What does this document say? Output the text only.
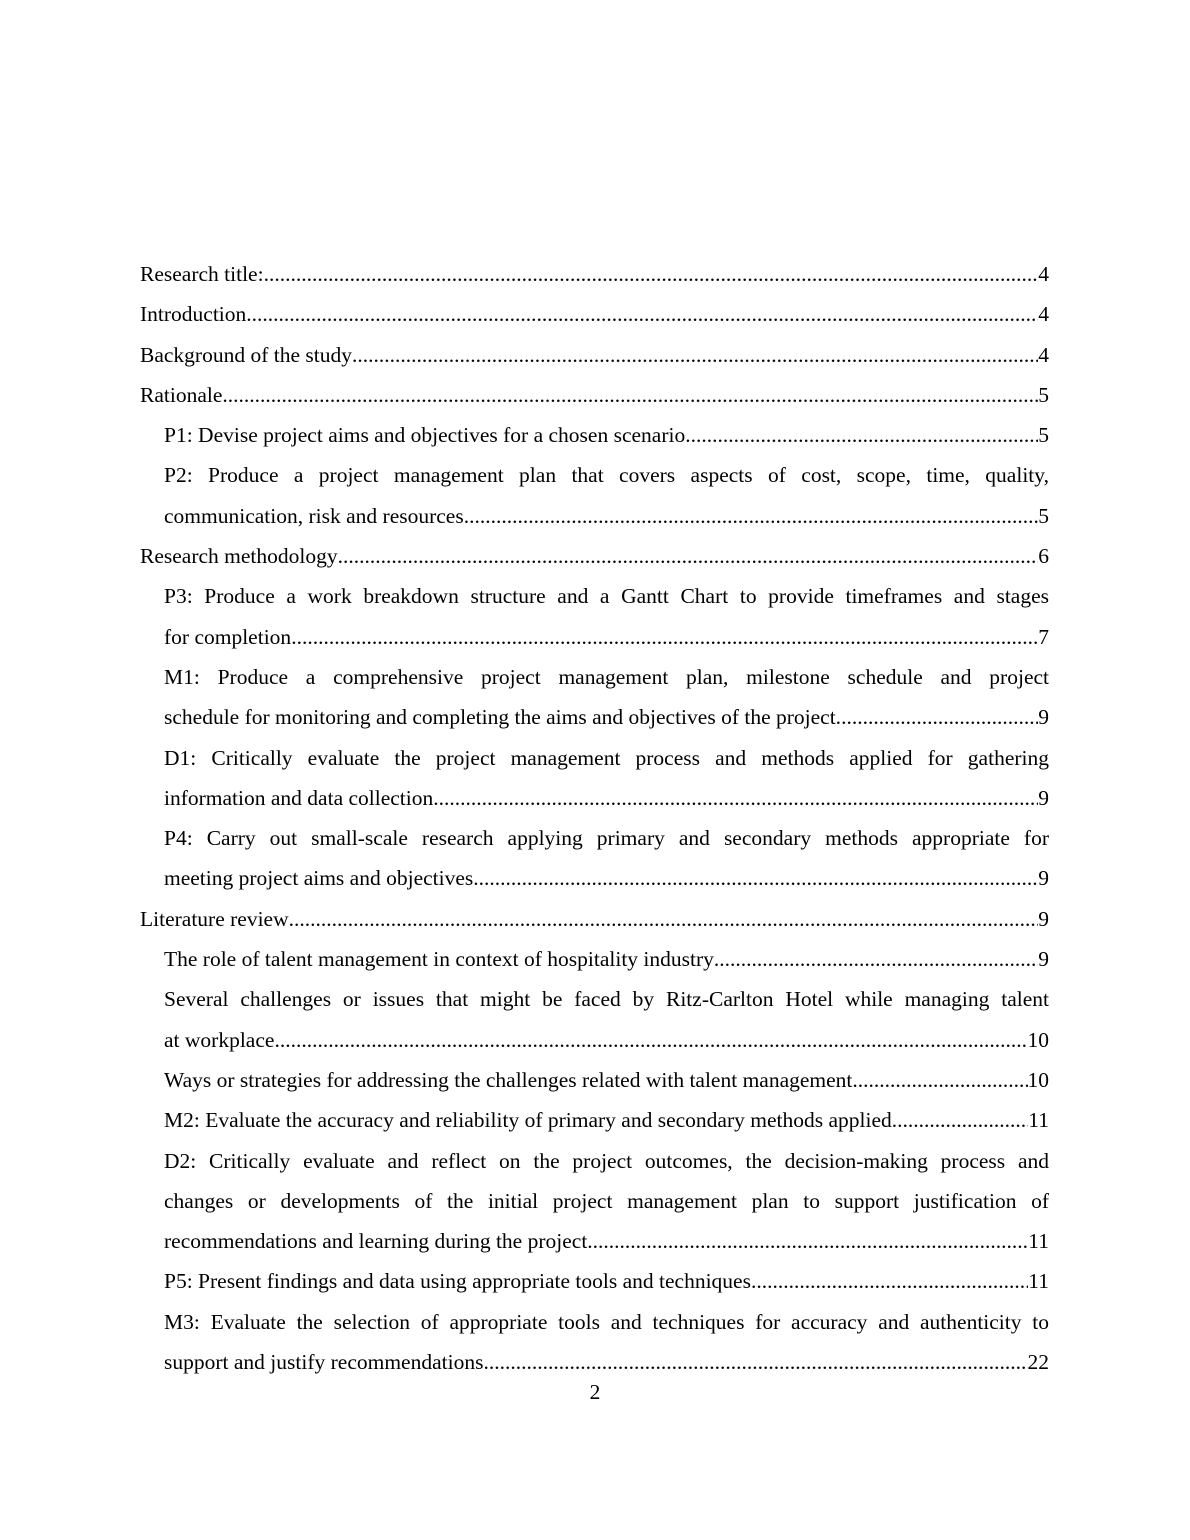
Research title: .....	4
Introduction .....	4
Background of the study .....	4
Rationale .....	5
P1: Devise project aims and objectives for a chosen scenario .....	5
P2: Produce a project management plan that covers aspects of cost, scope, time, quality,
communication, risk and resources .....	5
Research methodology .....	6
P3: Produce a work breakdown structure and a Gantt Chart to provide timeframes and stages
for completion .....	7
M1: Produce a comprehensive project management plan, milestone schedule and project
schedule for monitoring and completing the aims and objectives of the project. .....	9
D1: Critically evaluate the project management process and methods applied for gathering
information and data collection .....	9
P4: Carry out small-scale research applying primary and secondary methods appropriate for
meeting project aims and objectives .....	9
Literature review .....	9
The role of talent management in context of hospitality industry .....	9
Several challenges or issues that might be faced by Ritz-Carlton Hotel while managing talent
at workplace .....	10
Ways or strategies for addressing the challenges related with talent management .....	10
M2: Evaluate the accuracy and reliability of primary and secondary methods applied .....	11
D2: Critically evaluate and reflect on the project outcomes, the decision-making process and
changes or developments of the initial project management plan to support justification of
recommendations and learning during the project .....	11
P5: Present findings and data using appropriate tools and techniques .....	11
M3: Evaluate the selection of appropriate tools and techniques for accuracy and authenticity to
support and justify recommendations .....	22
2
